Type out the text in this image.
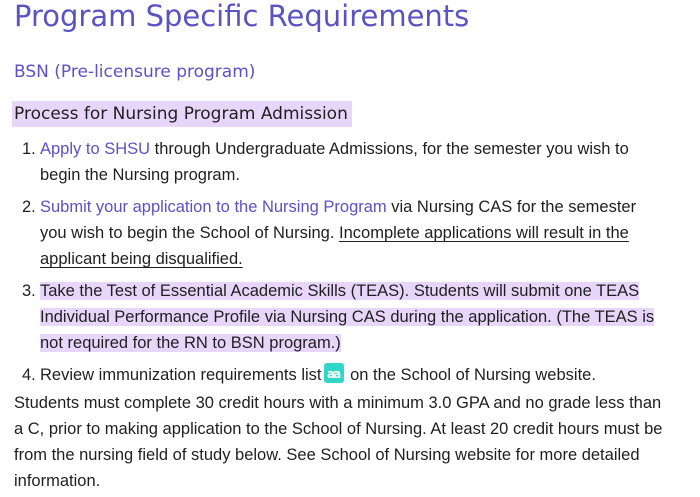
Program Specific Requirements
BSN (Pre-licensure program)
Process for Nursing Program Admission
1. Apply to SHSU through Undergraduate Admissions, for the semester you wish to begin the Nursing program.
2. Submit your application to the Nursing Program via Nursing CAS for the semester you wish to begin the School of Nursing. Incomplete applications will result in the applicant being disqualified.
3. Take the Test of Essential Academic Skills (TEAS). Students will submit one TEAS Individual Performance Profile via Nursing CAS during the application. (The TEAS is not required for the RN to BSN program.)
4. Review immunization requirements list a
a on the School of Nursing website.

Students must complete 30 credit hours with a minimum 3.0 GPA and no grade less than a C, prior to making application to the School of Nursing. At least 20 credit hours must be from the nursing field of study below. See School of Nursing website for more detailed information.
